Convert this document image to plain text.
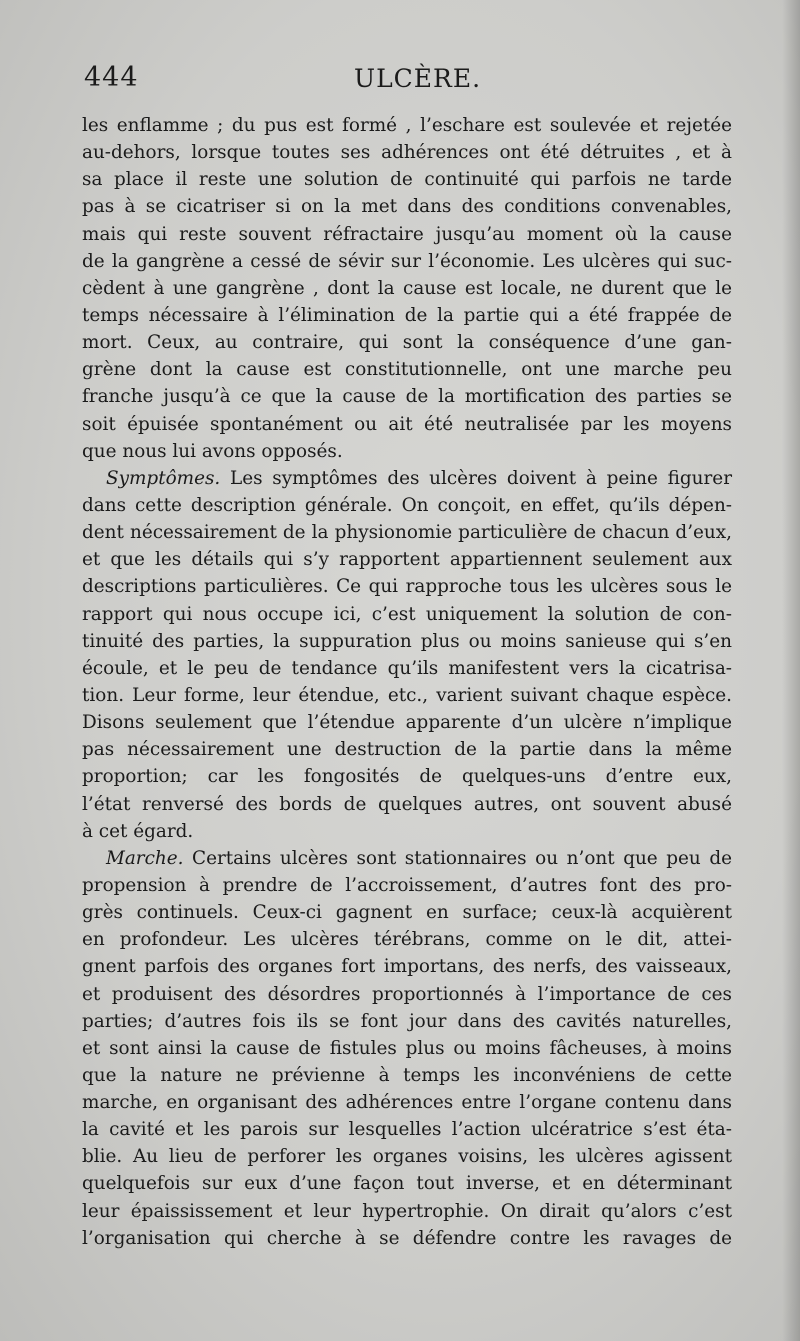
444	ULCÈRE.
les enflamme ; du pus est formé , l’eschare est soulevée et rejetée
au-dehors, lorsque toutes ses adhérences ont été détruites , et à
sa place il reste une solution de continuité qui parfois ne tarde
pas à se cicatriser si on la met dans des conditions convenables,
mais qui reste souvent réfractaire jusqu’au moment où la cause
de la gangrène a cessé de sévir sur l’économie. Les ulcères qui suc-
cèdent à une gangrène , dont la cause est locale, ne durent que le
temps nécessaire à l’élimination de la partie qui a été frappée de
mort. Ceux, au contraire, qui sont la conséquence d’une gan-
grène dont la cause est constitutionnelle, ont une marche peu
franche jusqu’à ce que la cause de la mortification des parties se
soit épuisée spontanément ou ait été neutralisée par les moyens
que nous lui avons opposés.
Symptômes. Les symptômes des ulcères doivent à peine figurer
dans cette description générale. On conçoit, en effet, qu’ils dépen-
dent nécessairement de la physionomie particulière de chacun d’eux,
et que les détails qui s’y rapportent appartiennent seulement aux
descriptions particulières. Ce qui rapproche tous les ulcères sous le
rapport qui nous occupe ici, c’est uniquement la solution de con-
tinuité des parties, la suppuration plus ou moins sanieuse qui s’en
écoule, et le peu de tendance qu’ils manifestent vers la cicatrisa-
tion. Leur forme, leur étendue, etc., varient suivant chaque espèce.
Disons seulement que l’étendue apparente d’un ulcère n’implique
pas nécessairement une destruction de la partie dans la même
proportion; car les fongosités de quelques-uns d’entre eux,
l’état renversé des bords de quelques autres, ont souvent abusé
à cet égard.
Marche. Certains ulcères sont stationnaires ou n’ont que peu de
propension à prendre de l’accroissement, d’autres font des pro-
grès continuels. Ceux-ci gagnent en surface; ceux-là acquièrent
en profondeur. Les ulcères térébrans, comme on le dit, attei-
gnent parfois des organes fort importans, des nerfs, des vaisseaux,
et produisent des désordres proportionnés à l’importance de ces
parties; d’autres fois ils se font jour dans des cavités naturelles,
et sont ainsi la cause de fistules plus ou moins fâcheuses, à moins
que la nature ne prévienne à temps les inconvéniens de cette
marche, en organisant des adhérences entre l’organe contenu dans
la cavité et les parois sur lesquelles l’action ulcératrice s’est éta-
blie. Au lieu de perforer les organes voisins, les ulcères agissent
quelquefois sur eux d’une façon tout inverse, et en déterminant
leur épaississement et leur hypertrophie. On dirait qu’alors c’est
l’organisation qui cherche à se défendre contre les ravages de
